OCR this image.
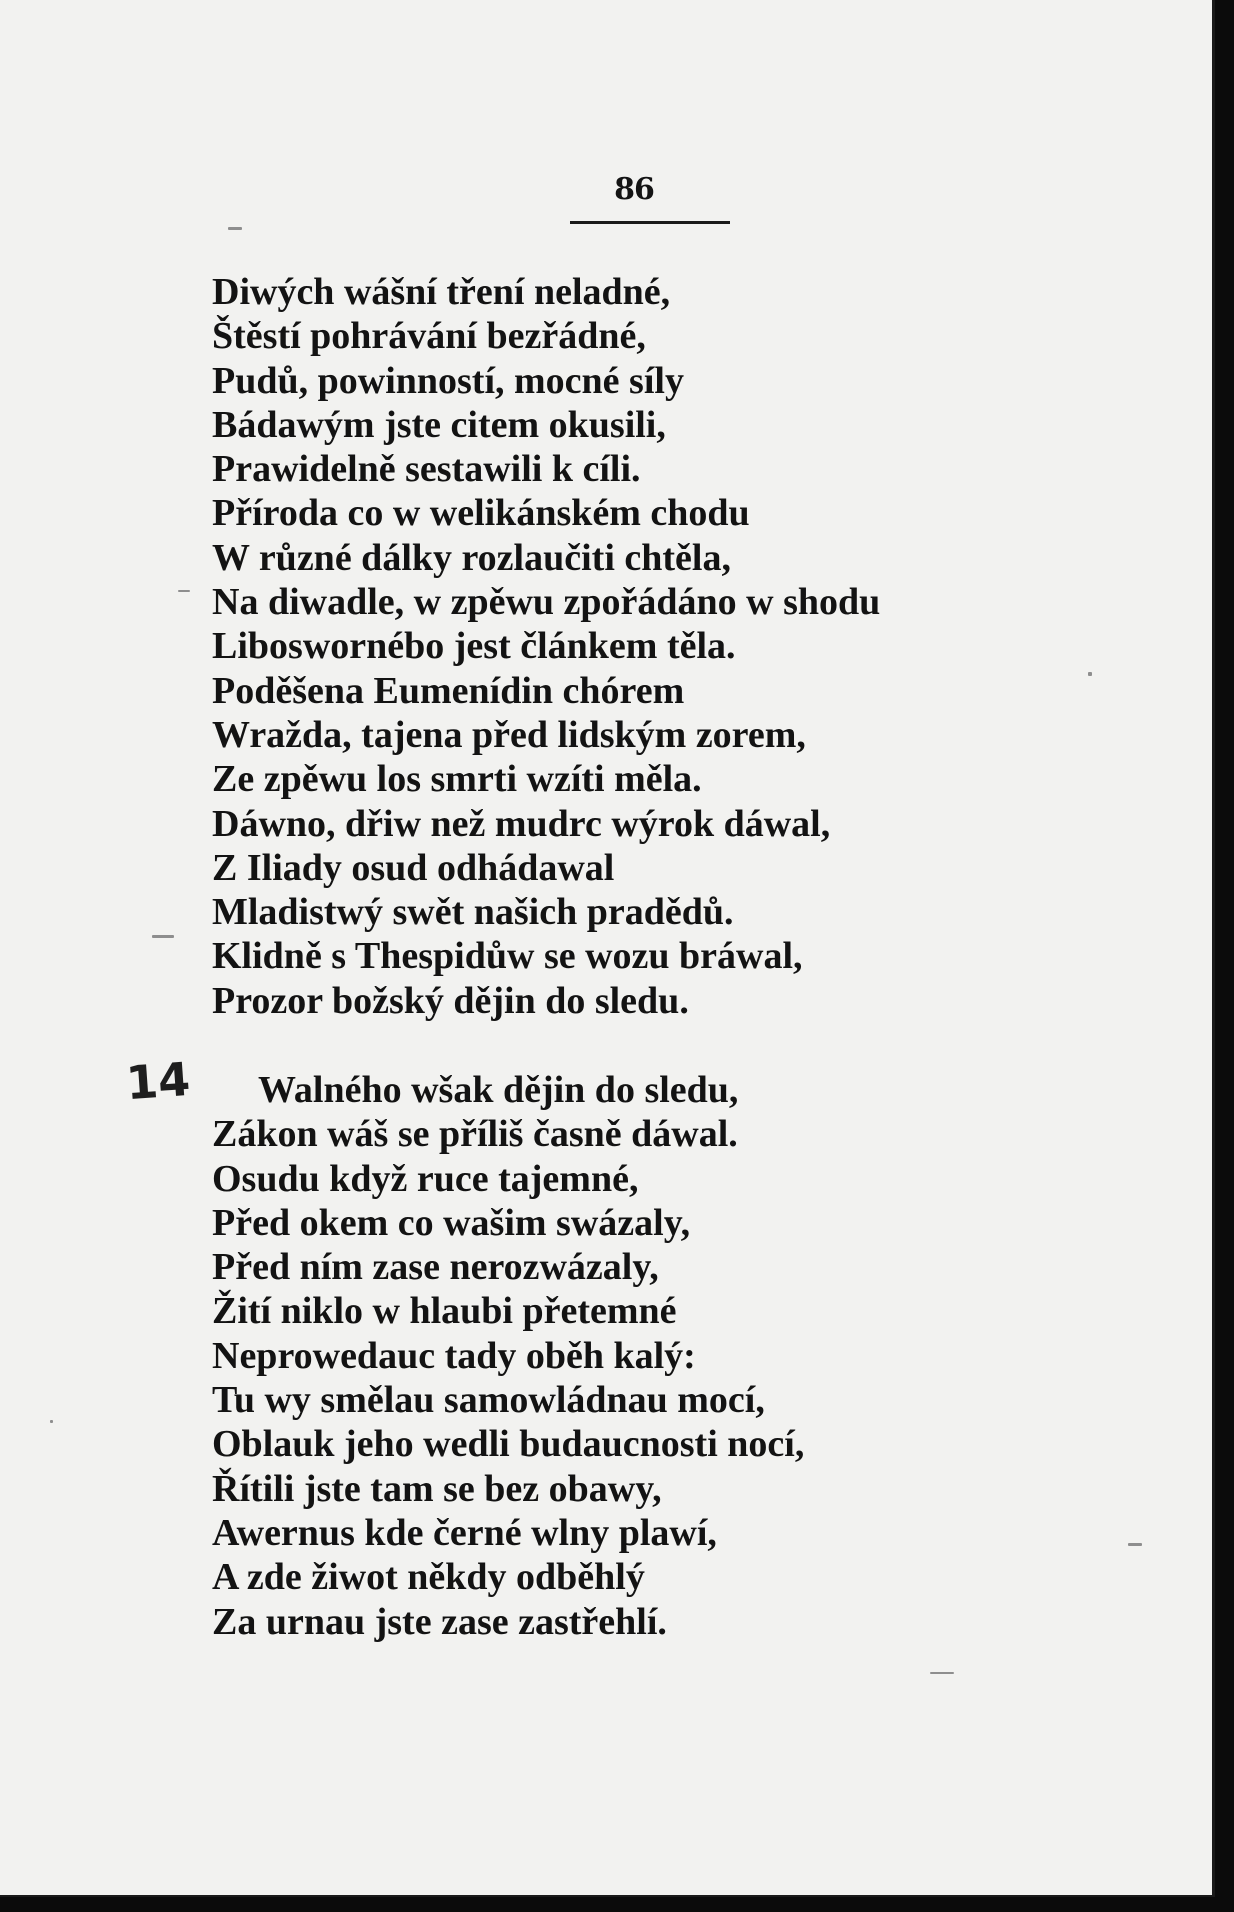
86
14
Diwých wášní tření neladné,
Štěstí pohrávání bezřádné,
Pudů, powinností, mocné síly
Bádawým jste citem okusili,
Prawidelně sestawili k cíli.
Příroda co w welikánském chodu
W různé dálky rozlaučiti chtěla,
Na diwadle, w zpěwu zpořádáno w shodu
Liboswornébo jest článkem těla.
Poděšena Eumenídin chórem
Wražda, tajena před lidským zorem,
Ze zpěwu los smrti wzíti měla.
Dáwno, dřiw než mudrc wýrok dáwal,
Z Iliady osud odhádawal
Mladistwý swět našich pradědů.
Klidně s Thespidůw se wozu bráwal,
Prozor božský dějin do sledu.
Walného wšak dějin do sledu,
Zákon wáš se příliš časně dáwal.
Osudu když ruce tajemné,
Před okem co wašim swázaly,
Před ním zase nerozwázaly,
Žití niklo w hlaubi přetemné
Neprowedauc tady oběh kalý:
Tu wy smělau samowládnau mocí,
Oblauk jeho wedli budaucnosti nocí,
Řítili jste tam se bez obawy,
Awernus kde černé wlny plawí,
A zde žiwot někdy odběhlý
Za urnau jste zase zastřehlí.
